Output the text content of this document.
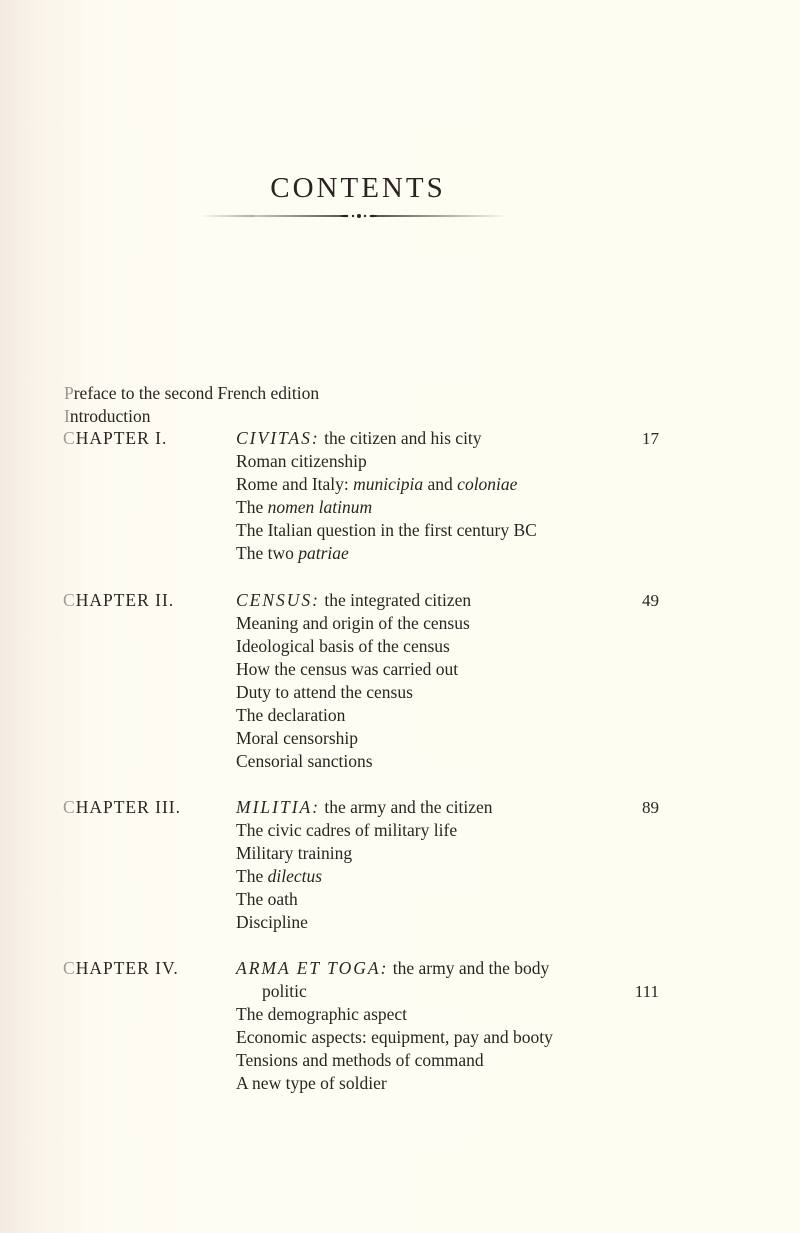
CONTENTS
Preface to the second French edition
Introduction
CHAPTER I.	CIVITAS: the citizen and his city	17
Roman citizenship
Rome and Italy: municipia and coloniae
The nomen latinum
The Italian question in the first century BC
The two patriae
CHAPTER II.	CENSUS: the integrated citizen	49
Meaning and origin of the census
Ideological basis of the census
How the census was carried out
Duty to attend the census
The declaration
Moral censorship
Censorial sanctions
CHAPTER III.	MILITIA: the army and the citizen	89
The civic cadres of military life
Military training
The dilectus
The oath
Discipline
CHAPTER IV.	ARMA ET TOGA: the army and the body
politic	111
The demographic aspect
Economic aspects: equipment, pay and booty
Tensions and methods of command
A new type of soldier
